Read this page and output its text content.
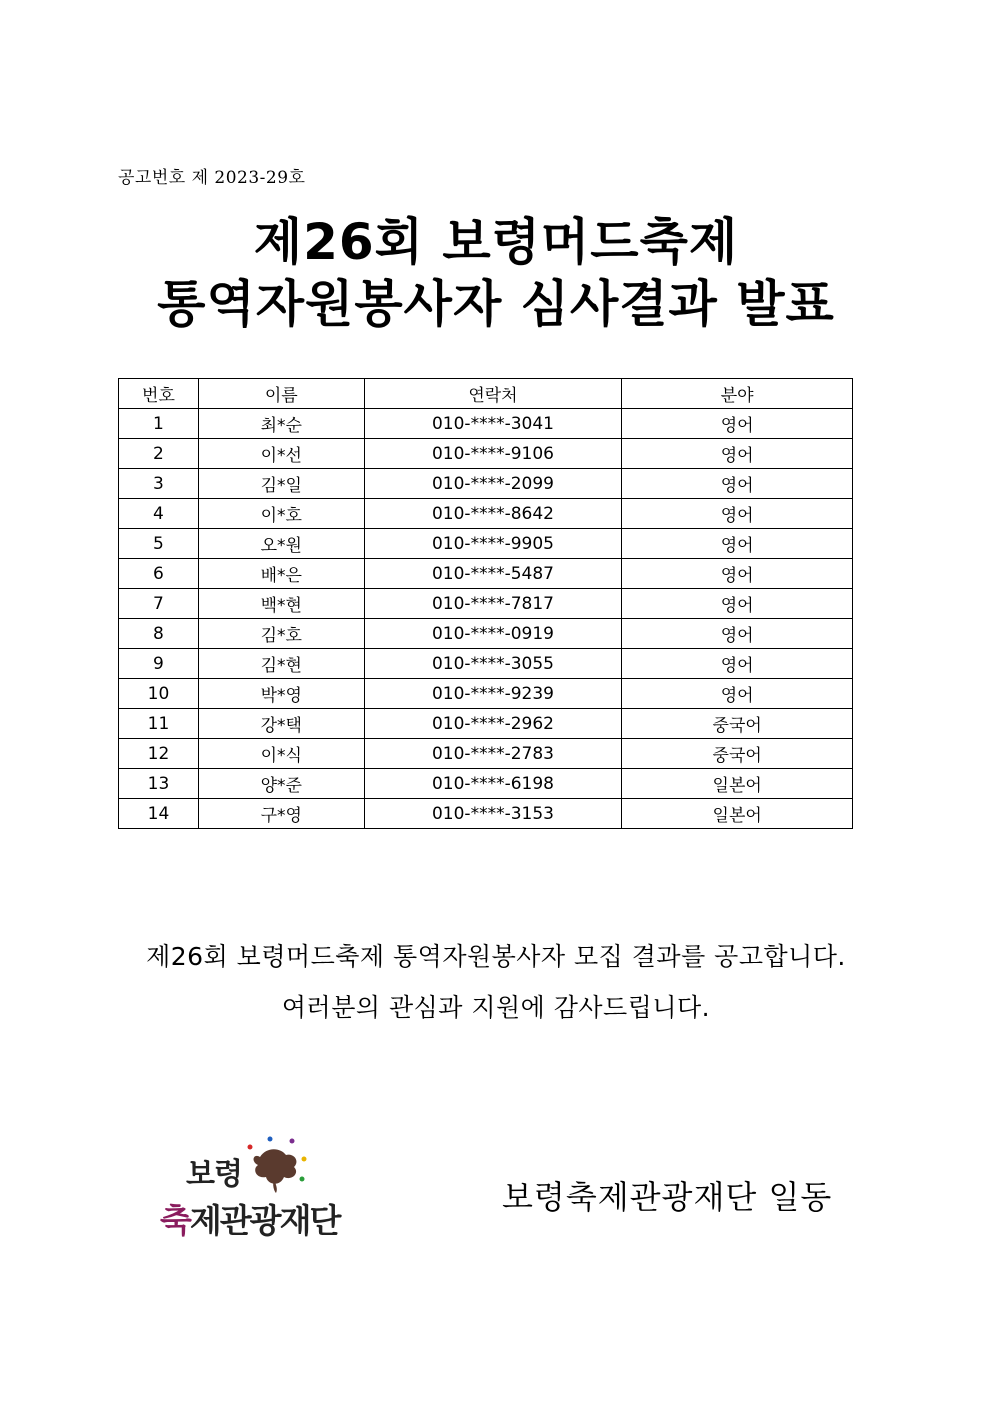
공고번호 제 2023-29호
제26회 보령머드축제
통역자원봉사자 심사결과 발표
번호	이름	연락처	분야
1	최*순	010-****-3041	영어
2	이*선	010-****-9106	영어
3	김*일	010-****-2099	영어
4	이*호	010-****-8642	영어
5	오*원	010-****-9905	영어
6	배*은	010-****-5487	영어
7	백*현	010-****-7817	영어
8	김*호	010-****-0919	영어
9	김*현	010-****-3055	영어
10	박*영	010-****-9239	영어
11	강*택	010-****-2962	중국어
12	이*식	010-****-2783	중국어
13	양*준	010-****-6198	일본어
14	구*영	010-****-3153	일본어
제26회 보령머드축제 통역자원봉사자 모집 결과를 공고합니다.
여러분의 관심과 지원에 감사드립니다.
보령
축제관광재단
보령축제관광재단 일동
